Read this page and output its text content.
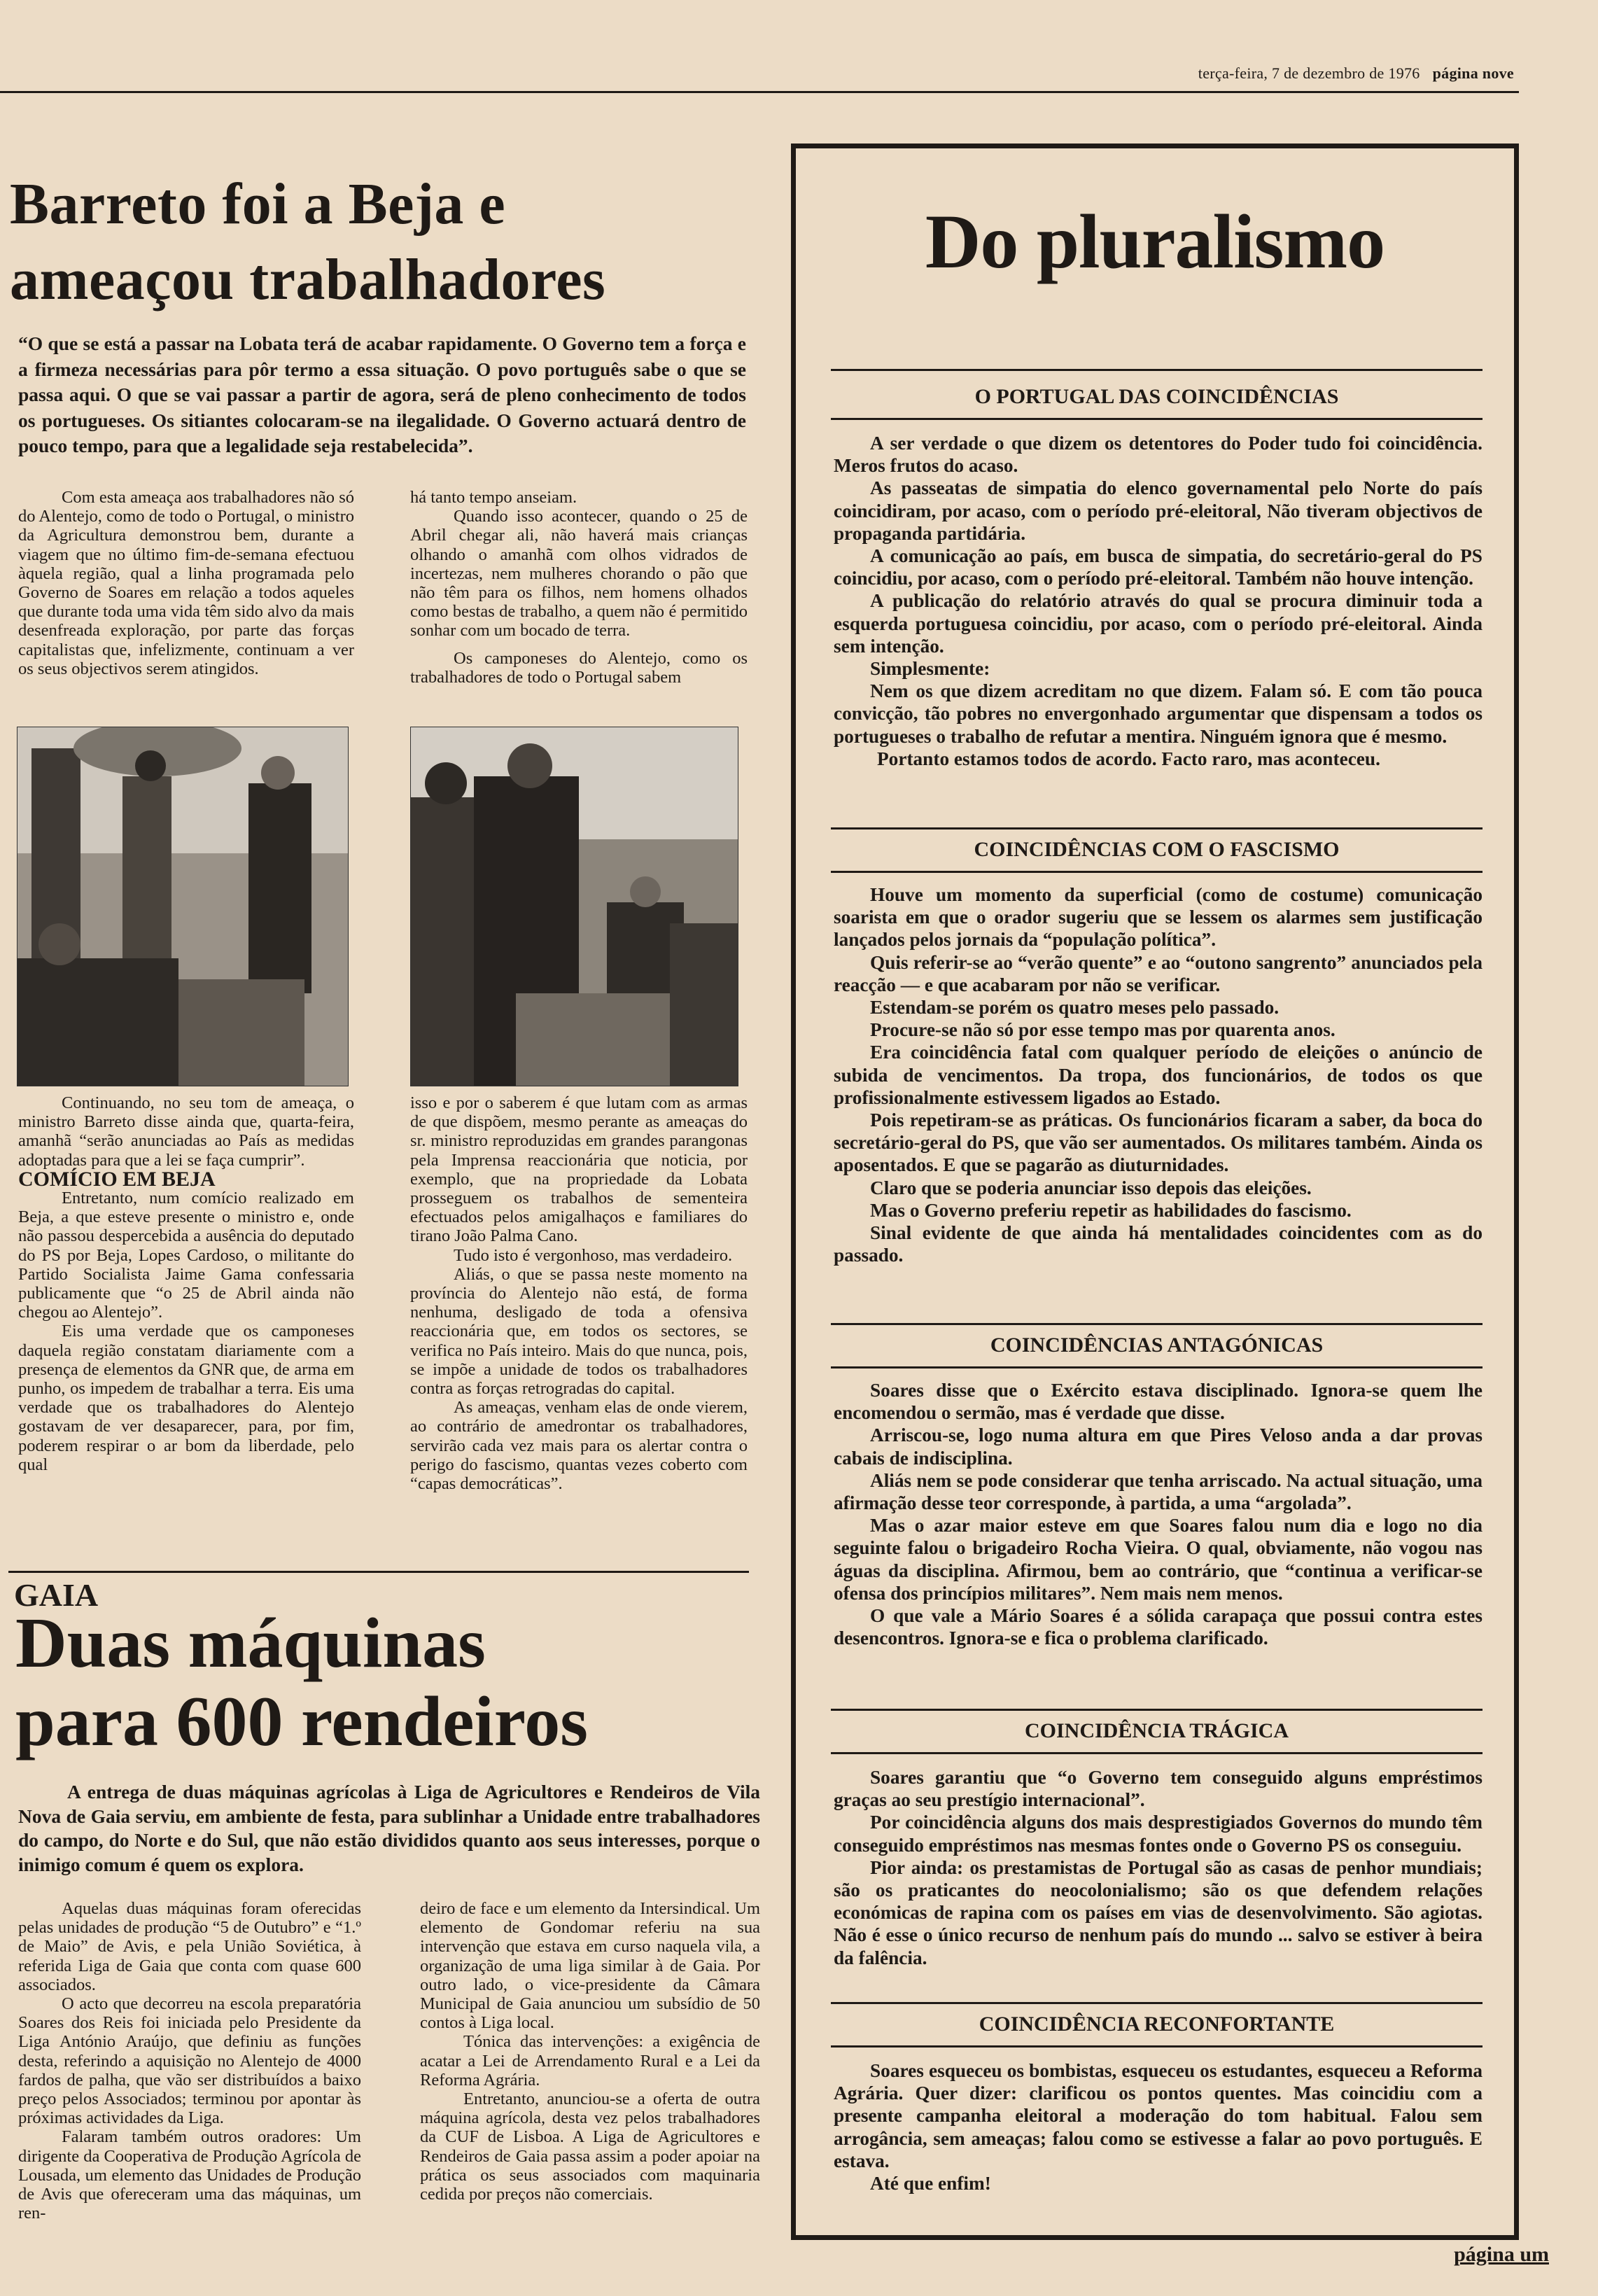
terça-feira, 7 de dezembro de 1976 página nove
Barreto foi a Beja e ameaçou trabalhadores
“O que se está a passar na Lobata terá de acabar rapidamente. O Governo tem a força e a firmeza necessárias para pôr termo a essa situação. O povo português sabe o que se passa aqui. O que se vai passar a partir de agora, será de pleno conhecimento de todos os portugueses. Os sitiantes colocaram-se na ilegalidade. O Governo actuará dentro de pouco tempo, para que a legalidade seja restabelecida”.

Com esta ameaça aos trabalhadores não só do Alentejo, como de todo o Portugal, o ministro da Agricultura demonstrou bem, durante a viagem que no último fim-de-semana efectuou àquela região, qual a linha programada pelo Governo de Soares em relação a todos aqueles que durante toda uma vida têm sido alvo da mais desenfreada exploração, por parte das forças capitalistas que, infelizmente, continuam a ver os seus objectivos serem atingidos.

há tanto tempo anseiam.

Quando isso acontecer, quando o 25 de Abril chegar ali, não haverá mais crianças olhando o amanhã com olhos vidrados de incertezas, nem mulheres chorando o pão que não têm para os filhos, nem homens olhados como bestas de trabalho, a quem não é permitido sonhar com um bocado de terra.

Os camponeses do Alentejo, como os trabalhadores de todo o Portugal sabem

Continuando, no seu tom de ameaça, o ministro Barreto disse ainda que, quarta-feira, amanhã “serão anunciadas ao País as medidas adoptadas para que a lei se faça cumprir”.

COMÍCIO EM BEJA

Entretanto, num comício realizado em Beja, a que esteve presente o ministro e, onde não passou despercebida a ausência do deputado do PS por Beja, Lopes Cardoso, o militante do Partido Socialista Jaime Gama confessaria publicamente que “o 25 de Abril ainda não chegou ao Alentejo”.

Eis uma verdade que os camponeses daquela região constatam diariamente com a presença de elementos da GNR que, de arma em punho, os impedem de trabalhar a terra. Eis uma verdade que os trabalhadores do Alentejo gostavam de ver desaparecer, para, por fim, poderem respirar o ar bom da liberdade, pelo qual

isso e por o saberem é que lutam com as armas de que dispõem, mesmo perante as ameaças do sr. ministro reproduzidas em grandes parangonas pela Imprensa reaccionária que noticia, por exemplo, que na propriedade da Lobata prosseguem os trabalhos de sementeira efectuados pelos amigalhaços e familiares do tirano João Palma Cano.

Tudo isto é vergonhoso, mas verdadeiro.

Aliás, o que se passa neste momento na província do Alentejo não está, de forma nenhuma, desligado de toda a ofensiva reaccionária que, em todos os sectores, se verifica no País inteiro. Mais do que nunca, pois, se impõe a unidade de todos os trabalhadores contra as forças retrogradas do capital.

As ameaças, venham elas de onde vierem, ao contrário de amedrontar os trabalhadores, servirão cada vez mais para os alertar contra o perigo do fascismo, quantas vezes coberto com “capas democráticas”.

GAIA
Duas máquinas
para 600 rendeiros
A entrega de duas máquinas agrícolas à Liga de Agricultores e Rendeiros de Vila Nova de Gaia serviu, em ambiente de festa, para sublinhar a Unidade entre trabalhadores do campo, do Norte e do Sul, que não estão divididos quanto aos seus interesses, porque o inimigo comum é quem os explora.

Aquelas duas máquinas foram oferecidas pelas unidades de produção “5 de Outubro” e “1.º de Maio” de Avis, e pela União Soviética, à referida Liga de Gaia que conta com quase 600 associados.

O acto que decorreu na escola preparatória Soares dos Reis foi iniciada pelo Presidente da Liga António Araújo, que definiu as funções desta, referindo a aquisição no Alentejo de 4000 fardos de palha, que vão ser distribuídos a baixo preço pelos Associados; terminou por apontar às próximas actividades da Liga.

Falaram também outros oradores: Um dirigente da Cooperativa de Produção Agrícola de Lousada, um elemento das Unidades de Produção de Avis que ofereceram uma das máquinas, um ren-

deiro de face e um elemento da Intersindical. Um elemento de Gondomar referiu na sua intervenção que estava em curso naquela vila, a organização de uma liga similar à de Gaia. Por outro lado, o vice-presidente da Câmara Municipal de Gaia anunciou um subsídio de 50 contos à Liga local.

Tónica das intervenções: a exigência de acatar a Lei de Arrendamento Rural e a Lei da Reforma Agrária.

Entretanto, anunciou-se a oferta de outra máquina agrícola, desta vez pelos trabalhadores da CUF de Lisboa. A Liga de Agricultores e Rendeiros de Gaia passa assim a poder apoiar na prática os seus associados com maquinaria cedida por preços não comerciais.

Do pluralismo
O PORTUGAL DAS COINCIDÊNCIAS

A ser verdade o que dizem os detentores do Poder tudo foi coincidência. Meros frutos do acaso.

As passeatas de simpatia do elenco governamental pelo Norte do país coincidiram, por acaso, com o período pré-eleitoral, Não tiveram objectivos de propaganda partidária.

A comunicação ao país, em busca de simpatia, do secretário-geral do PS coincidiu, por acaso, com o período pré-eleitoral. Também não houve intenção.

A publicação do relatório através do qual se procura diminuir toda a esquerda portuguesa coincidiu, por acaso, com o período pré-eleitoral. Ainda sem intenção.

Simplesmente:

Nem os que dizem acreditam no que dizem. Falam só. E com tão pouca convicção, tão pobres no envergonhado argumentar que dispensam a todos os portugueses o trabalho de refutar a mentira. Ninguém ignora que é mesmo.

Portanto estamos todos de acordo. Facto raro, mas aconteceu.

COINCIDÊNCIAS COM O FASCISMO

Houve um momento da superficial (como de costume) comunicação soarista em que o orador sugeriu que se lessem os alarmes sem justificação lançados pelos jornais da “população política”.

Quis referir-se ao “verão quente” e ao “outono sangrento” anunciados pela reacção — e que acabaram por não se verificar.

Estendam-se porém os quatro meses pelo passado.

Procure-se não só por esse tempo mas por quarenta anos.

Era coincidência fatal com qualquer período de eleições o anúncio de subida de vencimentos. Da tropa, dos funcionários, de todos os que profissionalmente estivessem ligados ao Estado.

Pois repetiram-se as práticas. Os funcionários ficaram a saber, da boca do secretário-geral do PS, que vão ser aumentados. Os militares também. Ainda os aposentados. E que se pagarão as diuturnidades.

Claro que se poderia anunciar isso depois das eleições.

Mas o Governo preferiu repetir as habilidades do fascismo.

Sinal evidente de que ainda há mentalidades coincidentes com as do passado.

COINCIDÊNCIAS ANTAGÓNICAS

Soares disse que o Exército estava disciplinado. Ignora-se quem lhe encomendou o sermão, mas é verdade que disse.

Arriscou-se, logo numa altura em que Pires Veloso anda a dar provas cabais de indisciplina.

Aliás nem se pode considerar que tenha arriscado. Na actual situação, uma afirmação desse teor corresponde, à partida, a uma “argolada”.

Mas o azar maior esteve em que Soares falou num dia e logo no dia seguinte falou o brigadeiro Rocha Vieira. O qual, obviamente, não vogou nas águas da disciplina. Afirmou, bem ao contrário, que “continua a verificar-se ofensa dos princípios militares”. Nem mais nem menos.

O que vale a Mário Soares é a sólida carapaça que possui contra estes desencontros. Ignora-se e fica o problema clarificado.

COINCIDÊNCIA TRÁGICA

Soares garantiu que “o Governo tem conseguido alguns empréstimos graças ao seu prestígio internacional”.

Por coincidência alguns dos mais desprestigiados Governos do mundo têm conseguido empréstimos nas mesmas fontes onde o Governo PS os conseguiu.

Pior ainda: os prestamistas de Portugal são as casas de penhor mundiais; são os praticantes do neocolonialismo; são os que defendem relações económicas de rapina com os países em vias de desenvolvimento. São agiotas. Não é esse o único recurso de nenhum país do mundo ... salvo se estiver à beira da falência.

COINCIDÊNCIA RECONFORTANTE

Soares esqueceu os bombistas, esqueceu os estudantes, esqueceu a Reforma Agrária. Quer dizer: clarificou os pontos quentes. Mas coincidiu com a presente campanha eleitoral a moderação do tom habitual. Falou sem arrogância, sem ameaças; falou como se estivesse a falar ao povo português. E estava.

Até que enfim!

página um
